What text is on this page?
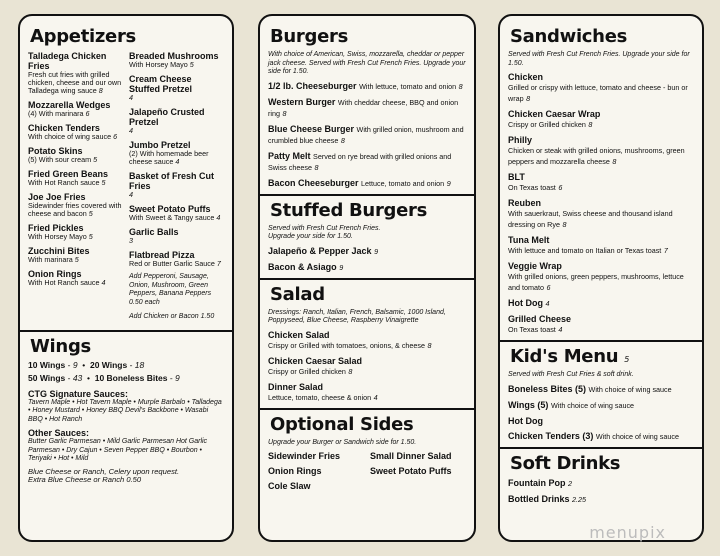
Appetizers
Talladega Chicken Fries
Fresh cut fries with grilled chicken, cheese and our own Talladega wing sauce 8
Mozzarella Wedges
(4) With marinara 6
Chicken Tenders
With choice of wing sauce 6
Potato Skins
(5) With sour cream 5
Fried Green Beans
With Hot Ranch sauce 5
Joe Joe Fries
Sidewinder fries covered with cheese and bacon 5
Fried Pickles
With Horsey Mayo 5
Zucchini Bites
With marinara 5
Onion Rings
With Hot Ranch sauce 4
Breaded Mushrooms
With Horsey Mayo 5
Cream Cheese Stuffed Pretzel
4
Jalapeño Crusted Pretzel
4
Jumbo Pretzel
(2) With homemade beer cheese sauce 4
Basket of Fresh Cut Fries
4
Sweet Potato Puffs
With Sweet & Tangy sauce 4
Garlic Balls
3
Flatbread Pizza
Red or Butter Garlic Sauce 7
Add Pepperoni, Sausage, Onion, Mushroom, Green Peppers, Banana Peppers 0.50 each
Add Chicken or Bacon 1.50
Wings
10 Wings - 9  •  20 Wings - 18
50 Wings - 43  •  10 Boneless Bites - 9
CTG Signature Sauces:
Tavern Maple • Hot Tavern Maple • Murple Barbalo • Talladega • Honey Mustard • Honey BBQ Devil's Backbone • Wasabi BBQ • Hot Ranch
Other Sauces:
Butter Garlic Parmesan • Mild Garlic Parmesan Hot Garlic Parmesan • Dry Cajun • Seven Pepper BBQ • Bourbon • Teriyaki • Hot • Mild
Blue Cheese or Ranch, Celery upon request.
Extra Blue Cheese or Ranch 0.50
Burgers
With choice of American, Swiss, mozzarella, cheddar or pepper jack cheese. Served with Fresh Cut French Fries. Upgrade your side for 1.50.
1/2 lb. Cheeseburger With lettuce, tomato and onion 8
Western Burger With cheddar cheese, BBQ and onion ring 8
Blue Cheese Burger With grilled onion, mushroom and crumbled blue cheese 8
Patty Melt Served on rye bread with grilled onions and Swiss cheese 8
Bacon Cheeseburger Lettuce, tomato and onion 9
Stuffed Burgers
Served with Fresh Cut French Fries.
Upgrade your side for 1.50.
Jalapeño & Pepper Jack 9
Bacon & Asiago 9
Salad
Dressings: Ranch, Italian, French, Balsamic, 1000 Island, Poppyseed, Blue Cheese, Raspberry Vinaigrette
Chicken Salad
Crispy or Grilled with tomatoes, onions, & cheese 8
Chicken Caesar Salad
Crispy or Grilled chicken 8
Dinner Salad
Lettuce, tomato, cheese & onion 4
Optional Sides
Upgrade your Burger or Sandwich side for 1.50.
Sidewinder Fries
Onion Rings
Cole Slaw
Small Dinner Salad
Sweet Potato Puffs
Sandwiches
Served with Fresh Cut French Fries. Upgrade your side for 1.50.
Chicken
Grilled or crispy with lettuce, tomato and cheese - bun or wrap 8
Chicken Caesar Wrap
Crispy or Grilled chicken 8
Philly
Chicken or steak with grilled onions, mushrooms, green peppers and mozzarella cheese 8
BLT
On Texas toast 6
Reuben
With sauerkraut, Swiss cheese and thousand island dressing on Rye 8
Tuna Melt
With lettuce and tomato on Italian or Texas toast 7
Veggie Wrap
With grilled onions, green peppers, mushrooms, lettuce and tomato 6
Hot Dog 4
Grilled Cheese
On Texas toast 4
Kid's Menu 5
Served with Fresh Cut Fries & soft drink.
Boneless Bites (5) With choice of wing sauce
Wings (5) With choice of wing sauce
Hot Dog
Chicken Tenders (3) With choice of wing sauce
Soft Drinks
Fountain Pop 2
Bottled Drinks 2.25
menupix
